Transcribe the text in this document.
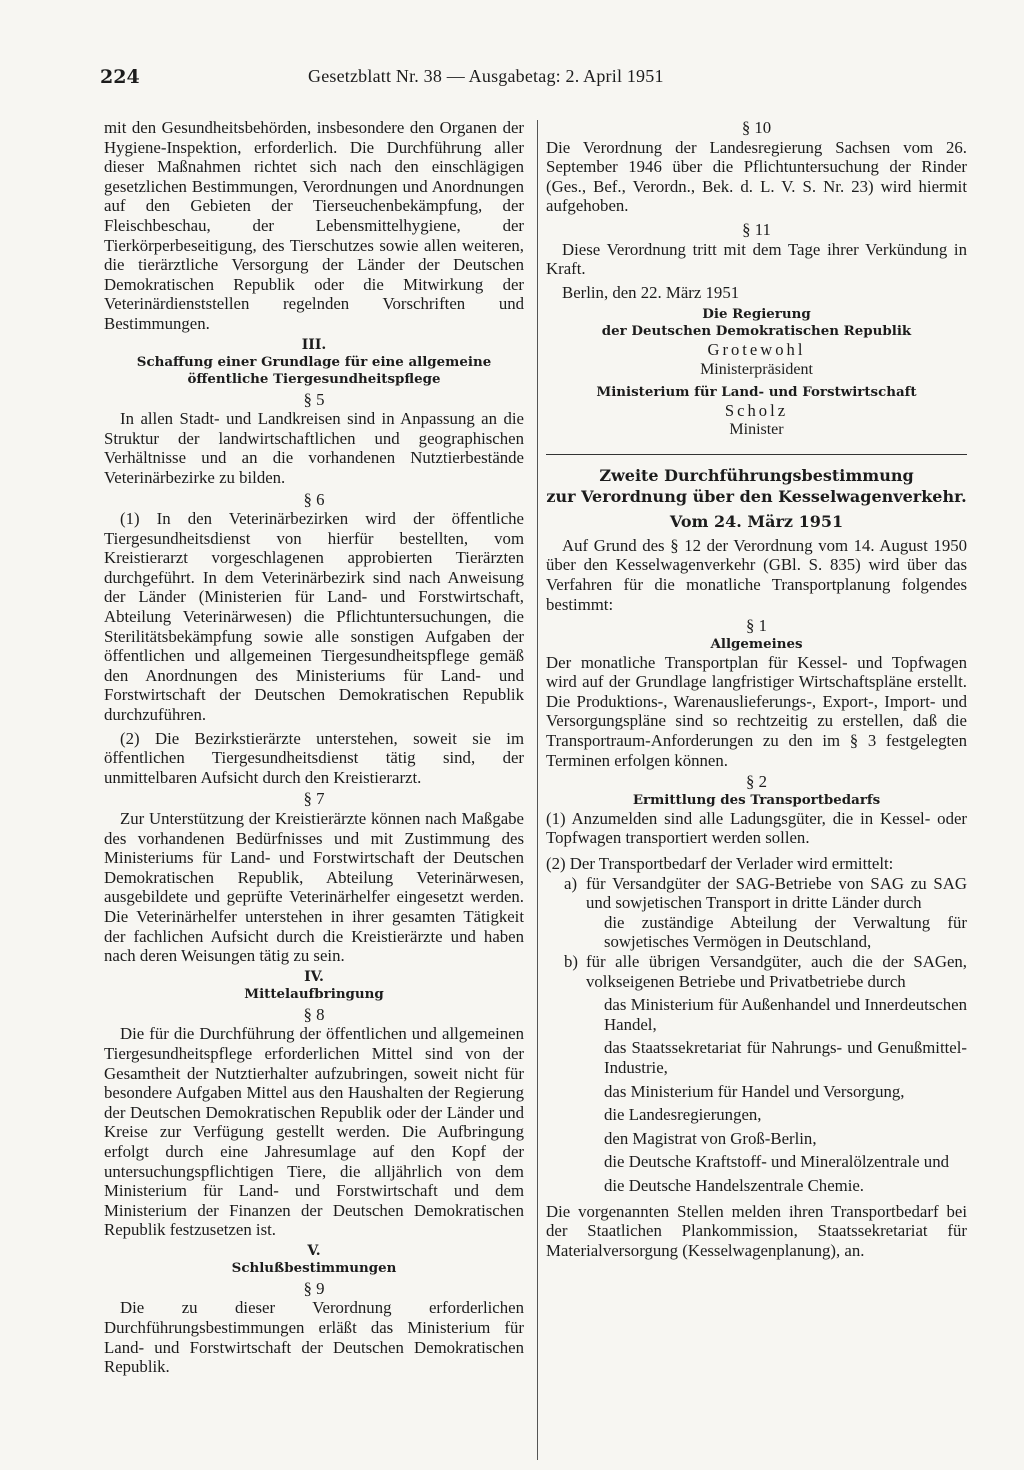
224	Gesetzblatt Nr. 38 — Ausgabetag: 2. April 1951

mit den Gesundheitsbehörden, insbesondere den Organen der Hygiene-Inspektion, erforderlich. Die Durchführung aller dieser Maßnahmen richtet sich nach den einschlägigen gesetzlichen Bestimmungen, Verordnungen und Anordnungen auf den Gebieten der Tierseuchenbekämpfung, der Fleischbeschau, der Lebensmittelhygiene, der Tierkörperbeseitigung, des Tierschutzes sowie allen weiteren, die tierärztliche Versorgung der Länder der Deutschen Demokratischen Republik oder die Mitwirkung der Veterinärdienststellen regelnden Vorschriften und Bestimmungen.

III.

Schaffung einer Grundlage für eine allgemeine öffentliche Tiergesundheitspflege

§ 5

In allen Stadt- und Landkreisen sind in Anpassung an die Struktur der landwirtschaftlichen und geographischen Verhältnisse und an die vorhandenen Nutztierbestände Veterinärbezirke zu bilden.

§ 6

(1) In den Veterinärbezirken wird der öffentliche Tiergesundheitsdienst von hierfür bestellten, vom Kreistierarzt vorgeschlagenen approbierten Tierärzten durchgeführt. In dem Veterinärbezirk sind nach Anweisung der Länder (Ministerien für Land- und Forstwirtschaft, Abteilung Veterinärwesen) die Pflichtuntersuchungen, die Sterilitätsbekämpfung sowie alle sonstigen Aufgaben der öffentlichen und allgemeinen Tiergesundheitspflege gemäß den Anordnungen des Ministeriums für Land- und Forstwirtschaft der Deutschen Demokratischen Republik durchzuführen.

(2) Die Bezirkstierärzte unterstehen, soweit sie im öffentlichen Tiergesundheitsdienst tätig sind, der unmittelbaren Aufsicht durch den Kreistierarzt.

§ 7

Zur Unterstützung der Kreistierärzte können nach Maßgabe des vorhandenen Bedürfnisses und mit Zustimmung des Ministeriums für Land- und Forstwirtschaft der Deutschen Demokratischen Republik, Abteilung Veterinärwesen, ausgebildete und geprüfte Veterinärhelfer eingesetzt werden. Die Veterinärhelfer unterstehen in ihrer gesamten Tätigkeit der fachlichen Aufsicht durch die Kreistierärzte und haben nach deren Weisungen tätig zu sein.

IV.

Mittelaufbringung

§ 8

Die für die Durchführung der öffentlichen und allgemeinen Tiergesundheitspflege erforderlichen Mittel sind von der Gesamtheit der Nutztierhalter aufzubringen, soweit nicht für besondere Aufgaben Mittel aus den Haushalten der Regierung der Deutschen Demokratischen Republik oder der Länder und Kreise zur Verfügung gestellt werden. Die Aufbringung erfolgt durch eine Jahresumlage auf den Kopf der untersuchungspflichtigen Tiere, die alljährlich von dem Ministerium für Land- und Forstwirtschaft und dem Ministerium der Finanzen der Deutschen Demokratischen Republik festzusetzen ist.

V.

Schlußbestimmungen

§ 9

Die zu dieser Verordnung erforderlichen Durchführungsbestimmungen erläßt das Ministerium für Land- und Forstwirtschaft der Deutschen Demokratischen Republik.

§ 10

Die Verordnung der Landesregierung Sachsen vom 26. September 1946 über die Pflichtuntersuchung der Rinder (Ges., Bef., Verordn., Bek. d. L. V. S. Nr. 23) wird hiermit aufgehoben.

§ 11

Diese Verordnung tritt mit dem Tage ihrer Verkündung in Kraft.

Berlin, den 22. März 1951

Die Regierung

der Deutschen Demokratischen Republik

Grotewohl

Ministerpräsident

Ministerium für Land- und Forstwirtschaft

Scholz

Minister

Zweite Durchführungsbestimmung

zur Verordnung über den Kesselwagenverkehr.

Vom 24. März 1951

Auf Grund des § 12 der Verordnung vom 14. August 1950 über den Kesselwagenverkehr (GBl. S. 835) wird über das Verfahren für die monatliche Transportplanung folgendes bestimmt:

§ 1

Allgemeines

Der monatliche Transportplan für Kessel- und Topfwagen wird auf der Grundlage langfristiger Wirtschaftspläne erstellt. Die Produktions-, Warenauslieferungs-, Export-, Import- und Versorgungspläne sind so rechtzeitig zu erstellen, daß die Transportraum-Anforderungen zu den im § 3 festgelegten Terminen erfolgen können.

§ 2

Ermittlung des Transportbedarfs

(1) Anzumelden sind alle Ladungsgüter, die in Kessel- oder Topfwagen transportiert werden sollen.

(2) Der Transportbedarf der Verlader wird ermittelt:

a) für Versandgüter der SAG-Betriebe von SAG zu SAG und sowjetischen Transport in dritte Länder durch

die zuständige Abteilung der Verwaltung für sowjetisches Vermögen in Deutschland,

b) für alle übrigen Versandgüter, auch die der SAGen, volkseigenen Betriebe und Privatbetriebe durch

das Ministerium für Außenhandel und Innerdeutschen Handel,

das Staatssekretariat für Nahrungs- und Genußmittel-Industrie,

das Ministerium für Handel und Versorgung,

die Landesregierungen,

den Magistrat von Groß-Berlin,

die Deutsche Kraftstoff- und Mineralölzentrale und

die Deutsche Handelszentrale Chemie.

Die vorgenannten Stellen melden ihren Transportbedarf bei der Staatlichen Plankommission, Staatssekretariat für Materialversorgung (Kesselwagenplanung), an.
